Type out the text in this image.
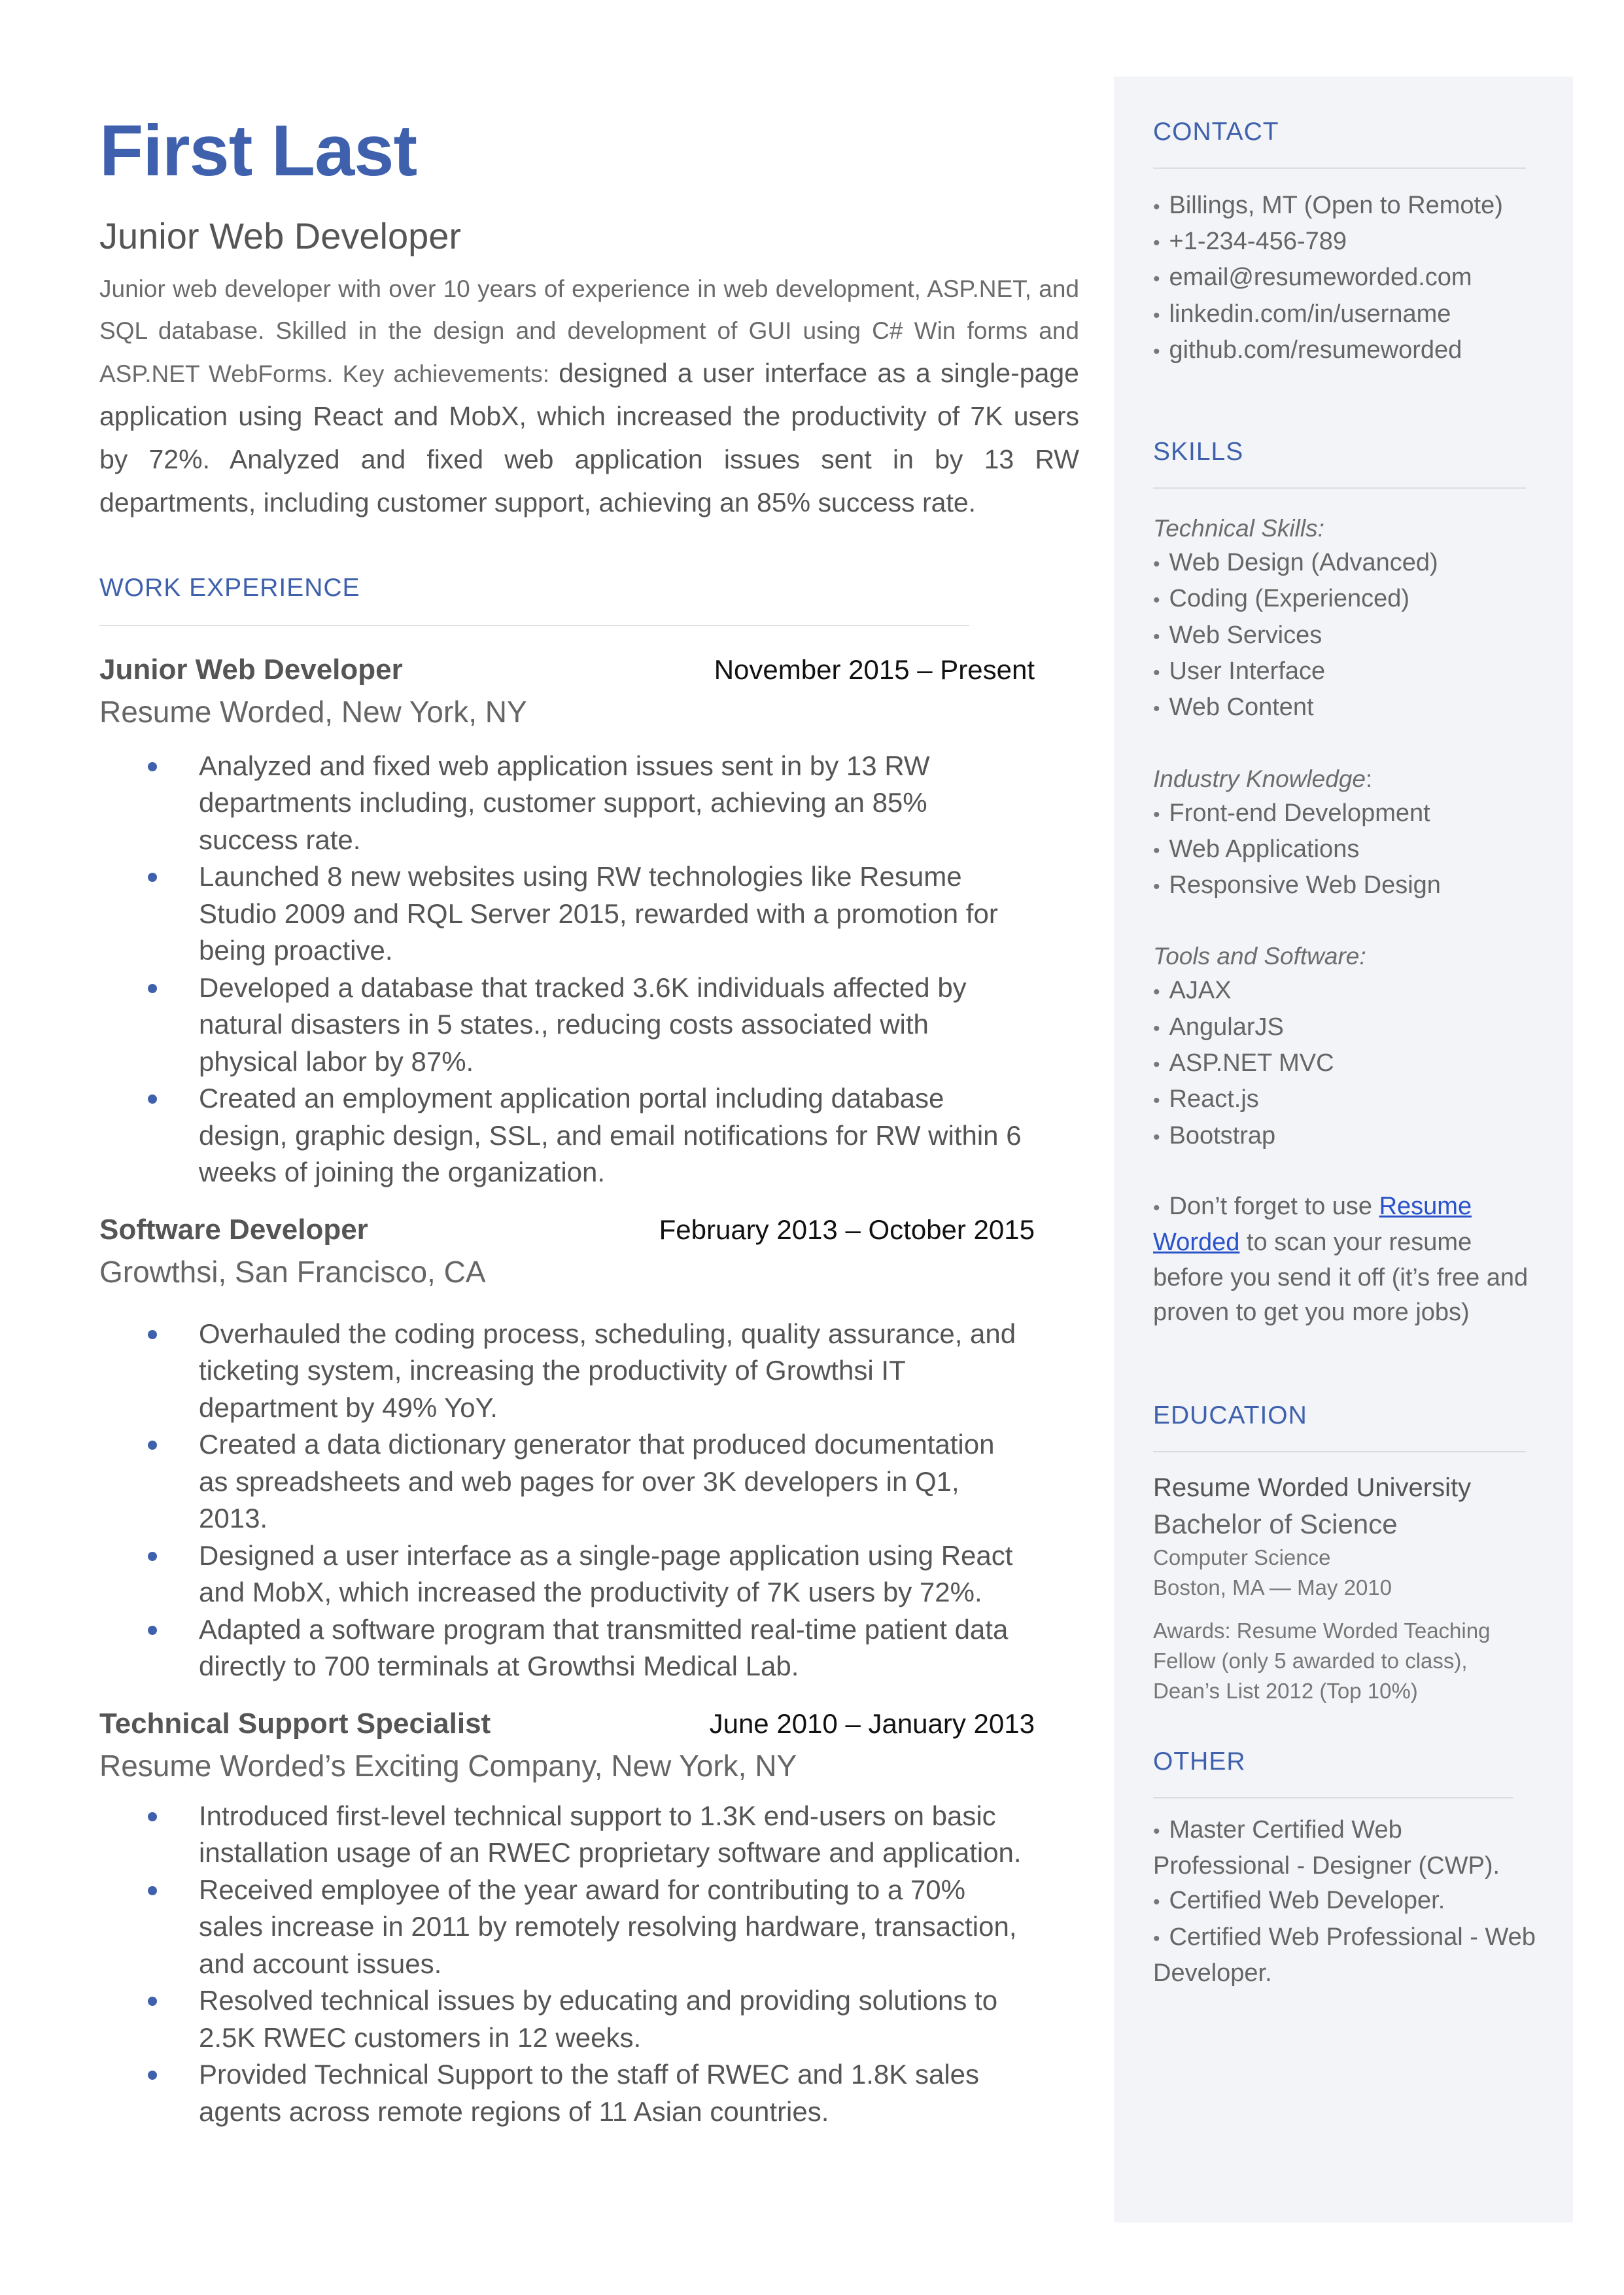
First Last
Junior Web Developer
Junior web developer with over 10 years of experience in web development, ASP.NET, and SQL database. Skilled in the design and development of GUI using C# Win forms and ASP.NET WebForms. Key achievements: designed a user interface as a single-page application using React and MobX, which increased the productivity of 7K users by 72%. Analyzed and fixed web application issues sent in by 13 RW departments, including customer support, achieving an 85% success rate.
WORK EXPERIENCE
Junior Web Developer	November 2015 – Present
Resume Worded, New York, NY
Analyzed and fixed web application issues sent in by 13 RW departments including, customer support, achieving an 85% success rate.
Launched 8 new websites using RW technologies like Resume Studio 2009 and RQL Server 2015, rewarded with a promotion for being proactive.
Developed a database that tracked 3.6K individuals affected by natural disasters in 5 states., reducing costs associated with physical labor by 87%.
Created an employment application portal including database design, graphic design, SSL, and email notifications for RW within 6 weeks of joining the organization.
Software Developer	February 2013 – October 2015
Growthsi, San Francisco, CA
Overhauled the coding process, scheduling, quality assurance, and ticketing system, increasing the productivity of Growthsi IT department by 49% YoY.
Created a data dictionary generator that produced documentation as spreadsheets and web pages for over 3K developers in Q1, 2013.
Designed a user interface as a single-page application using React and MobX, which increased the productivity of 7K users by 72%.
Adapted a software program that transmitted real-time patient data directly to 700 terminals at Growthsi Medical Lab.
Technical Support Specialist	June 2010 – January 2013
Resume Worded’s Exciting Company, New York, NY
Introduced first-level technical support to 1.3K end-users on basic installation usage of an RWEC proprietary software and application.
Received employee of the year award for contributing to a 70% sales increase in 2011 by remotely resolving hardware, transaction, and account issues.
Resolved technical issues by educating and providing solutions to 2.5K RWEC customers in 12 weeks.
Provided Technical Support to the staff of RWEC and 1.8K sales agents across remote regions of 11 Asian countries.
CONTACT
• Billings, MT (Open to Remote)
• +1-234-456-789
• email@resumeworded.com
• linkedin.com/in/username
• github.com/resumeworded
SKILLS
Technical Skills:
• Web Design (Advanced)
• Coding (Experienced)
• Web Services
• User Interface
• Web Content
Industry Knowledge:
• Front-end Development
• Web Applications
• Responsive Web Design
Tools and Software:
• AJAX
• AngularJS
• ASP.NET MVC
• React.js
• Bootstrap
• Don’t forget to use Resume Worded to scan your resume before you send it off (it’s free and proven to get you more jobs)
EDUCATION
Resume Worded University
Bachelor of Science
Computer Science
Boston, MA — May 2010
Awards: Resume Worded Teaching Fellow (only 5 awarded to class), Dean’s List 2012 (Top 10%)
OTHER
• Master Certified Web Professional - Designer (CWP).
• Certified Web Developer.
• Certified Web Professional - Web Developer.
